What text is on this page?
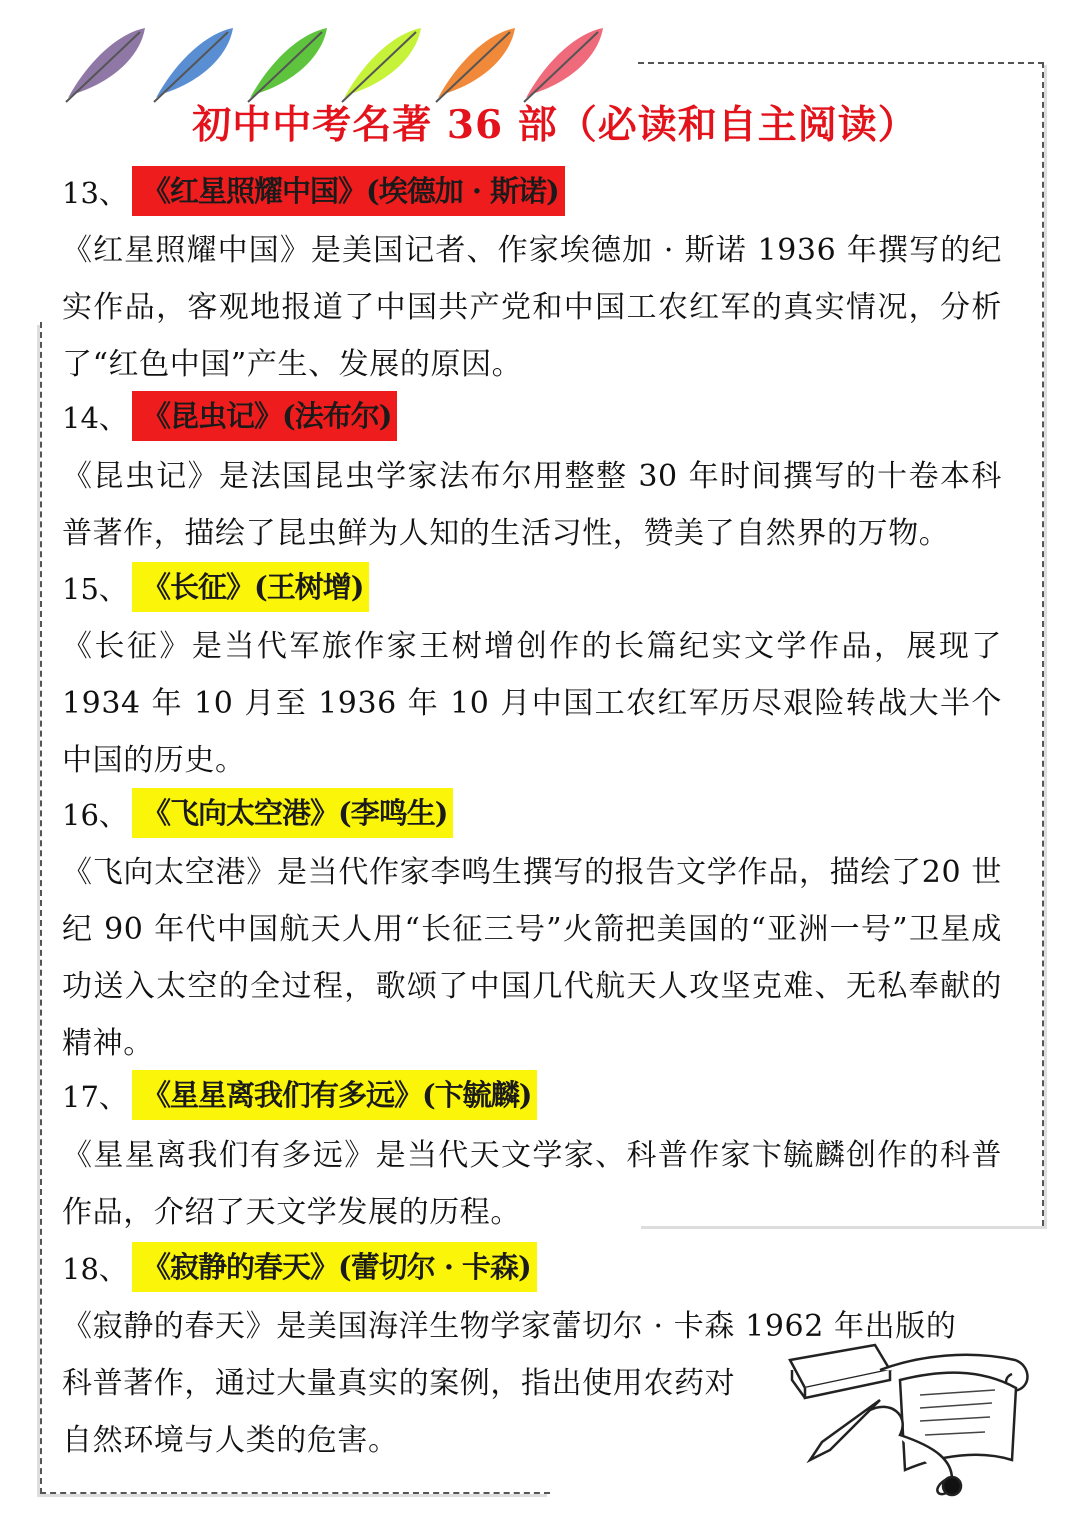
初中中考名著 36 部（必读和自主阅读）
13、 《红星照耀中国》(埃德加 · 斯诺)
《红星照耀中国》是美国记者、作家埃德加 · 斯诺 1936 年撰写的纪实作品，客观地报道了中国共产党和中国工农红军的真实情况，分析了“红色中国”产生、发展的原因。
14、 《昆虫记》(法布尔)
《昆虫记》是法国昆虫学家法布尔用整整 30 年时间撰写的十卷本科普著作，描绘了昆虫鲜为人知的生活习性，赞美了自然界的万物。
15、 《长征》(王树增)
《长征》是当代军旅作家王树增创作的长篇纪实文学作品，展现了1934 年 10 月至 1936 年 10 月中国工农红军历尽艰险转战大半个中国的历史。
16、 《飞向太空港》(李鸣生)
《飞向太空港》是当代作家李鸣生撰写的报告文学作品，描绘了20 世纪 90 年代中国航天人用“长征三号”火箭把美国的“亚洲一号”卫星成功送入太空的全过程，歌颂了中国几代航天人攻坚克难、无私奉献的精神。
17、 《星星离我们有多远》(卞毓麟)
《星星离我们有多远》是当代天文学家、科普作家卞毓麟创作的科普作品，介绍了天文学发展的历程。
18、 《寂静的春天》(蕾切尔 · 卡森)
《寂静的春天》是美国海洋生物学家蕾切尔 · 卡森 1962 年出版的
科普著作，通过大量真实的案例，指出使用农药对
自然环境与人类的危害。
